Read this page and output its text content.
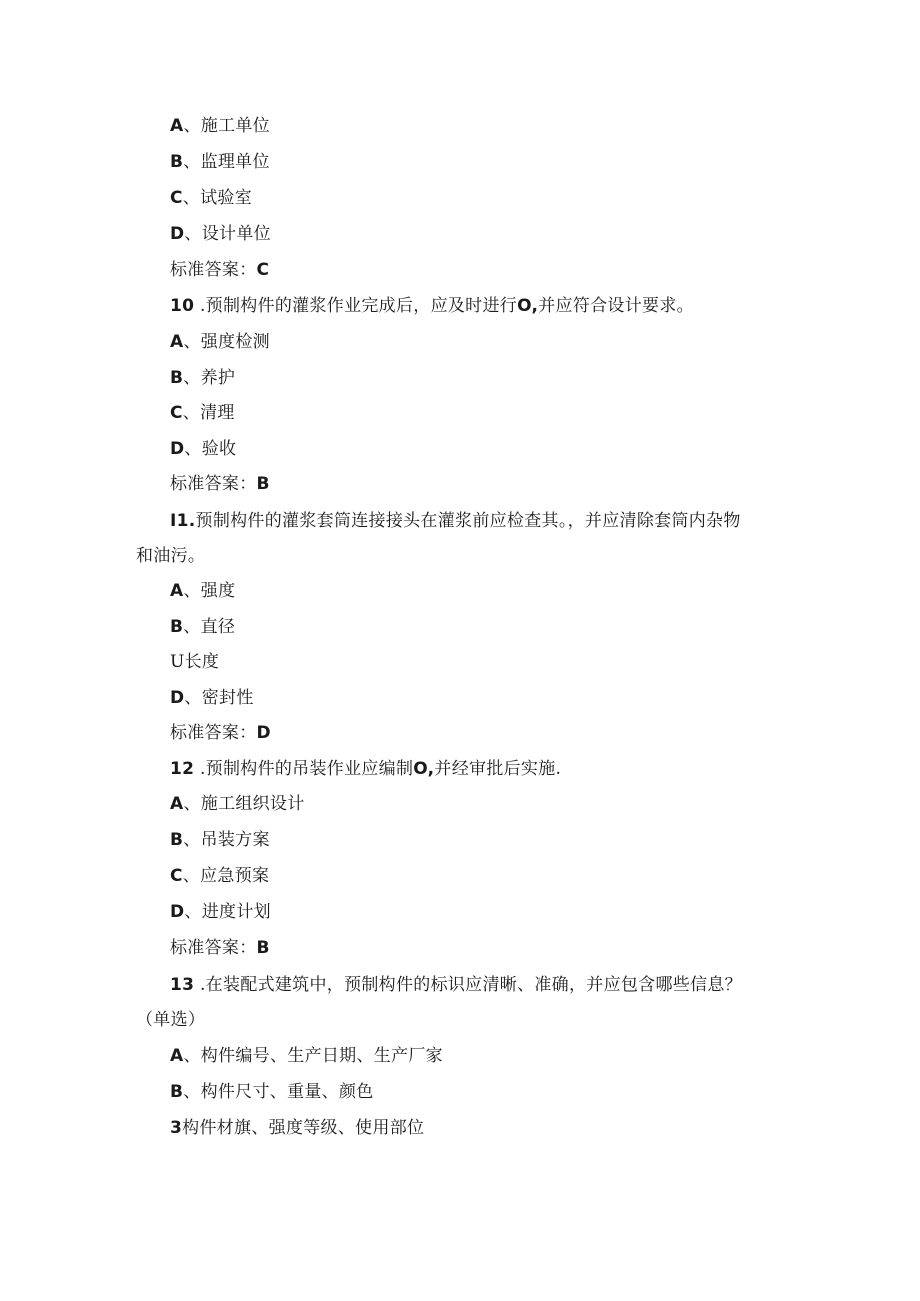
A、施工单位
B、监理单位
C、试验室
D、设计单位
标准答案：C
10 .预制构件的灌浆作业完成后，应及时进行O,并应符合设计要求。
A、强度检测
B、养护
C、清理
D、验收
标准答案：B
I1.预制构件的灌浆套筒连接接头在灌浆前应检查其。，并应清除套筒内杂物
和油污。
A、强度
B、直径
U长度
D、密封性
标准答案：D
12 .预制构件的吊装作业应编制O,并经审批后实施.
A、施工组织设计
B、吊装方案
C、应急预案
D、进度计划
标准答案：B
13 .在装配式建筑中，预制构件的标识应清晰、准确，并应包含哪些信息？
（单选）
A、构件编号、生产日期、生产厂家
B、构件尺寸、重量、颜色
3构件材旗、强度等级、使用部位
